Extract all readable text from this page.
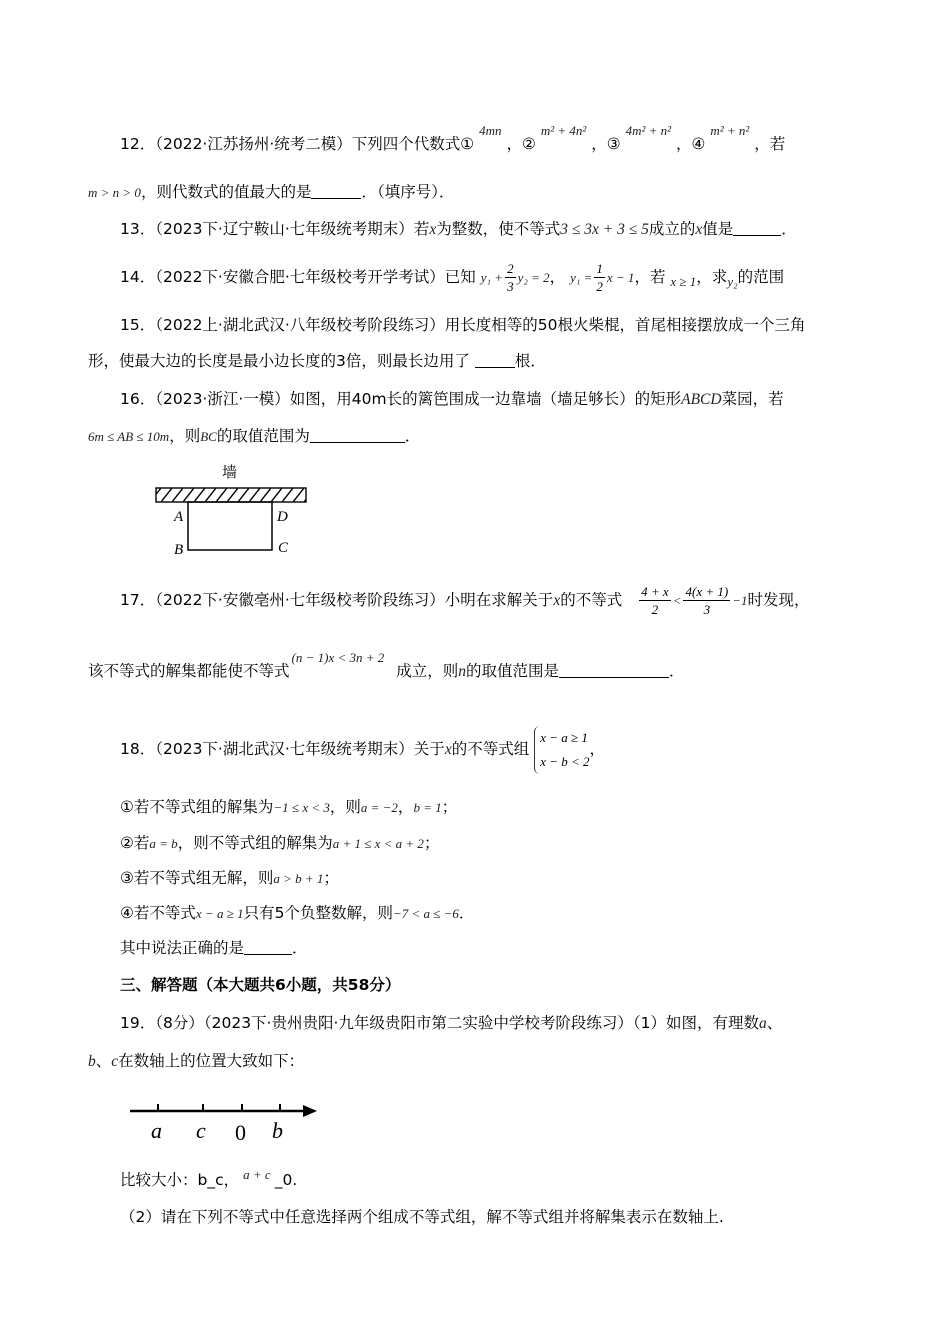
12．（2022·江苏扬州·统考二模）下列四个代数式① $^{4mn}$ ，② $^{m^2 + 4n^2}$ ，③ $^{4m^2 + n^2}$ ，④ $^{m^2 + n^2}$ ，若
m > n > 0，则代数式的值最大的是	．（填序号）．
13．（2023下·辽宁鞍山·七年级统考期末）若x为整数，使不等式3 ≤ 3x + 3 ≤ 5成立的x值是	．
14．（2022下·安徽合肥·七年级校考开学考试）已知 $y_1 + \frac{2}{3} y_2 = 2$， $y_1 = \frac{1}{2}$ x − 1，若 $_{x \ge 1}$，求$_{y_2}$的范围
15．（2022上·湖北武汉·八年级校考阶段练习）用长度相等的50根火柴棍，首尾相接摆放成一个三角
形，使最大边的长度是最小边长度的3倍，则最长边用了	根．
16．（2023·浙江·一模）如图，用40m长的篱笆围成一边靠墙（墙足够长）的矩形ABCD菜园，若
6m ≤ AB ≤ 10m，则BC的取值范围为	．
墙
A	D
B	C
17．（2022下·安徽亳州·七年级校考阶段练习）小明在求解关于x的不等式 $\frac{4 + x}{2} < \frac{4(x + 1)}{3} -1$时发现，
该不等式的解集都能使不等式$^{(n - 1)x < 3n + 2}$成立，则n的取值范围是	．
18．（2023下·湖北武汉·七年级统考期末）关于x的不等式组
x − a ≥ 1
x − b < 2
，
①若不等式组的解集为−1 ≤ x < 3，则a = −2，b = 1；
②若a = b，则不等式组的解集为a + 1 ≤ x < a + 2；
③若不等式组无解，则a > b + 1；
④若不等式x − a ≥ 1只有5个负整数解，则−7 < a ≤ −6．
其中说法正确的是	．
三、解答题（本大题共6小题，共58分）
19．（8分）（2023下·贵州贵阳·九年级贵阳市第二实验中学校考阶段练习）（1）如图，有理数a、
b、c在数轴上的位置大致如下：
a c 0 b
比较大小：b_c， $^{a + c}$ _0.
（2）请在下列不等式中任意选择两个组成不等式组，解不等式组并将解集表示在数轴上.
